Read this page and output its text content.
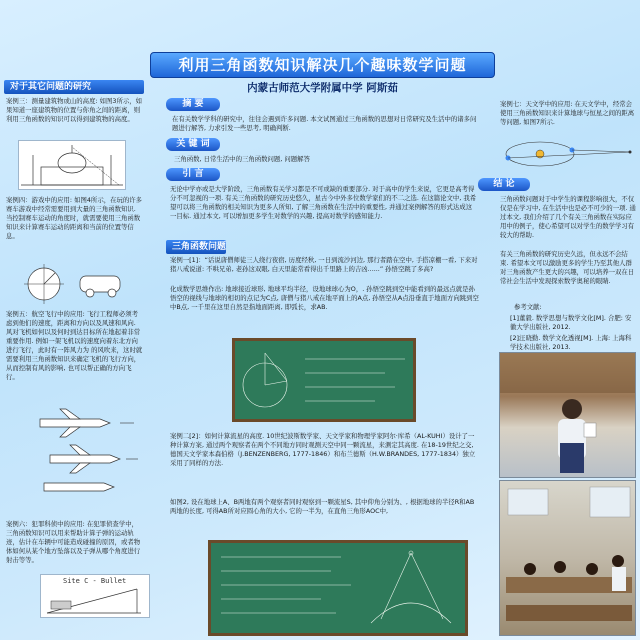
利用三角函数知识解决几个趣味数学问题
内蒙古师范大学附属中学 阿斯茹
对于其它问题的研究
案例三：测量建筑物或山的高度: 如图3所示，如果知道一座建筑物的位置与你角之间的距离，则利用三角函数的知识可以得到建筑物的高度。
案例四：游戏中的应用: 如图4所示，在玩的许多赛车游戏中经常需要用到大量的三角函数知识. 当控制赛车运动的角度时，就需要使用三角函数知识来计算赛车运动的距离和当前的位置等信息。
案例五：航空飞行中的应用: 飞行工程师必须考虑到他们的速度，距离和方向以及风速和风向. 风对飞机如何以及何时到达目标所在地起着非常重要作用. 例如一架飞机以的速度向着东北方向进行飞行，此时有一阵风力为 的风吹来，这时就需要利用三角函数知识来确定飞机的飞行方向，从而控制有风的影响, 也可以帮正确的方向飞行。
案例六：犯罪科侦中的应用: 在犯罪侦查学中，三角函数知识可以用来帮助计算子弹的运动轨迹，估计在车辆中可能造成碰撞的原因，或者物体如何从某个地方坠落以及子弹从哪个角度进行射击等等。
Site C - Bullet
摘 要
在有关数学学科的研究中，往往会遇到许多问题. 本文试图通过三角函数的思想对日常研究及生活中的诸多问题进行解答, 力求引发一些思考, 明确判断.
关 键 词
三角函数, 日常生活中的三角函数问题, 问题解答
引 言
无论中学亦或是大学阶段，三角函数有关学习都是不可或缺的重要部分. 对于高中的学生来说，它更是高考得分不可忽视的一项. 有关三角函数的研究历史悠久，星古今中外多位数学家们的不二之选. 在这篇论文中, 我希望可以将三角函数的相关知识为更多人所知, 了解三角函数在生活中的重要性, 并通过案例解答的形式达成这一目标. 通过本文, 可以增加更多学生对数学的兴趣, 提高对数学的感知能力.
三角函数问题
案例一[1]：“话说唐僧师徒三人绕行夜宿, 历度经秋, 一日到流沙河边, 那行者踏在空中, 手搭凉棚一看, 下来对猪八戒说道: 不哄兄弟, 老孙这双眼, 白天里能常看得出千里路上的吉凶......” 孙悟空跳了多高?
化成数学思维作出: 地球接近球形, 地球平均半径，设地球球心为O，. 孙悟空跳到空中能看到的最远点就是孙悟空的视线与地球的相切的点记为C点, 唐僧与猪八戒在地平面上的A点, 孙悟空从A点沿垂直于地面方向跳到空中B点, 一千里在这里自然是指地面距离, 即弧长，求AB.
案例二[2]：如何计算流星的高度. 10世纪波斯数学家、天文学家和物理学家阿尔·库希（AL-KUHI）设计了一种计算方案, 通过两个观察者在两个不同地方同时观测天空中同一颗流星，来测定其高度. 在18-19世纪之交, 德国天文学家本森伯格（J.BENZENBERG, 1777-1846）和布兰德斯（H.W.BRANDES, 1777-1834）独立采用了同样的方法.
如图2, 设在地球上A、B两地有两个观察者同时观察到一颗流星S, 其中仰角分别为、, 根据地球的半径R和AB两地的长度, 可得AB所对应圆心角的大小, 它的一半为，在直角三角形AOC中,
案例七：天文学中的应用: 在天文学中，经常会使用三角函数知识来计算地球与恒星之间的距离等问题, 如图7所示.
结 论
三角函数问题对于中学生的课程影响很大，不仅仅是在学习中, 在生活中也是必不可少的一项. 通过本文, 我们介绍了几个有关三角函数在实际应用中的例子，使心希望可以对学生的数学学习有较大的帮助.
有关三角函数的研究历史久远，但永远不会结束. 希望本文可以激励更多的学生乃至其他人群对三角函数产生更大的兴趣，可以培养一双在日常社会生活中发现探索数学奥秘的眼睛.
参考文献:
[1]董毅. 数学思想与数学文化[M]. 合肥: 安徽大学出版社, 2012.
[2]汪晓勤. 数学文化透视[M]. 上海: 上海科学技术出版社, 2013.
